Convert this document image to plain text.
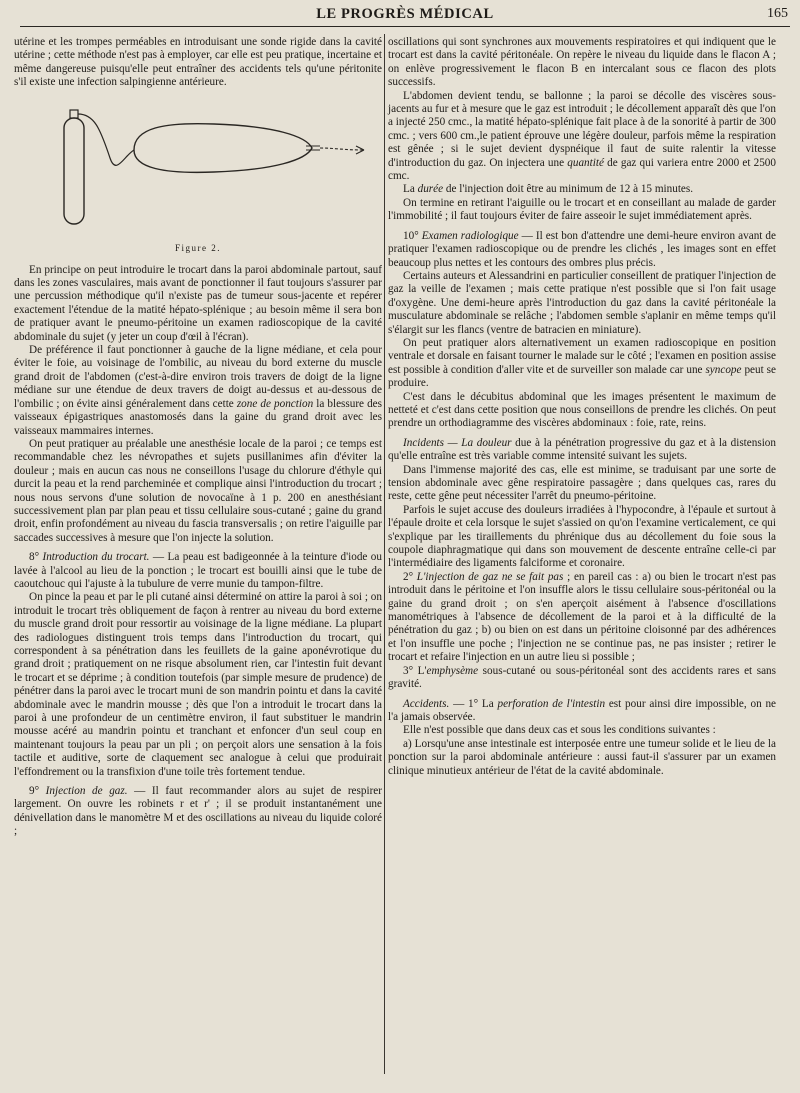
LE PROGRÈS MÉDICAL	165

utérine et les trompes perméables en introduisant une sonde rigide dans la cavité utérine ; cette méthode n'est pas à employer, car elle est peu pratique, incertaine et même dangereuse puisqu'elle peut entraîner des accidents tels qu'une péritonite s'il existe une infection salpingienne antérieure.

Figure 2.

En principe on peut introduire le trocart dans la paroi abdominale partout, sauf dans les zones vasculaires, mais avant de ponctionner il faut toujours s'assurer par une percussion méthodique qu'il n'existe pas de tumeur sous-jacente et repérer exactement l'étendue de la matité hépato-splénique ; au besoin même il sera bon de pratiquer avant le pneumo-péritoine un examen radioscopique de la cavité abdominale du sujet (y jeter un coup d'œil à l'écran).

De préférence il faut ponctionner à gauche de la ligne médiane, et cela pour éviter le foie, au voisinage de l'ombilic, au niveau du bord externe du muscle grand droit de l'abdomen (c'est-à-dire environ trois travers de doigt de la ligne médiane sur une étendue de deux travers de doigt au-dessus et au-dessous de l'ombilic ; on évite ainsi généralement dans cette zone de ponction la blessure des vaisseaux épigastriques anastomosés dans la gaine du grand droit avec les vaisseaux mammaires internes.

On peut pratiquer au préalable une anesthésie locale de la paroi ; ce temps est recommandable chez les névropathes et sujets pusillanimes afin d'éviter la douleur ; mais en aucun cas nous ne conseillons l'usage du chlorure d'éthyle qui durcit la peau et la rend parcheminée et complique ainsi l'introduction du trocart ; nous nous servons d'une solution de novocaïne à 1 p. 200 en anesthésiant successivement plan par plan peau et tissu cellulaire sous-cutané ; gaine du grand droit, enfin profondément au niveau du fascia transversalis ; on retire l'aiguille par saccades successives à mesure que l'on injecte la solution.

8° Introduction du trocart. — La peau est badigeonnée à la teinture d'iode ou lavée à l'alcool au lieu de la ponction ; le trocart est bouilli ainsi que le tube de caoutchouc qui l'ajuste à la tubulure de verre munie du tampon-filtre.

On pince la peau et par le pli cutané ainsi déterminé on attire la paroi à soi ; on introduit le trocart très obliquement de façon à rentrer au niveau du bord externe du muscle grand droit pour ressortir au voisinage de la ligne médiane. La plupart des radiologues distinguent trois temps dans l'introduction du trocart, qui correspondent à sa pénétration dans les feuillets de la gaine aponévrotique du grand droit ; pratiquement on ne risque absolument rien, car l'intestin fuit devant le trocart et se déprime ; à condition toutefois (par simple mesure de prudence) de pénétrer dans la paroi avec le trocart muni de son mandrin pointu et dans la cavité abdominale avec le mandrin mousse ; dès que l'on a introduit le trocart dans la paroi à une profondeur de un centimètre environ, il faut substituer le mandrin mousse acéré au mandrin pointu et tranchant et enfoncer d'un seul coup en maintenant toujours la peau par un pli ; on perçoit alors une sensation à la fois tactile et auditive, sorte de claquement sec analogue à celui que produirait l'effondrement ou la transfixion d'une toile très fortement tendue.

9° Injection de gaz. — Il faut recommander alors au sujet de respirer largement. On ouvre les robinets r et r' ; il se produit instantanément une dénivellation dans le manomètre M et des oscillations au niveau du liquide coloré ;

oscillations qui sont synchrones aux mouvements respiratoires et qui indiquent que le trocart est dans la cavité péritonéale. On repère le niveau du liquide dans le flacon A ; on enlève progressivement le flacon B en intercalant sous ce flacon des plots successifs.

L'abdomen devient tendu, se ballonne ; la paroi se décolle des viscères sous-jacents au fur et à mesure que le gaz est introduit ; le décollement apparaît dès que l'on a injecté 250 cmc., la matité hépato-splénique fait place à de la sonorité à partir de 300 cmc. ; vers 600 cm.,le patient éprouve une légère douleur, parfois même la respiration est gênée ; si le sujet devient dyspnéique il faut de suite ralentir la vitesse d'introduction du gaz. On injectera une quantité de gaz qui variera entre 2000 et 2500 cmc.

La durée de l'injection doit être au minimum de 12 à 15 minutes.

On termine en retirant l'aiguille ou le trocart et en conseillant au malade de garder l'immobilité ; il faut toujours éviter de faire asseoir le sujet immédiatement après.

10° Examen radiologique — Il est bon d'attendre une demi-heure environ avant de pratiquer l'examen radioscopique ou de prendre les clichés , les images sont en effet beaucoup plus nettes et les contours des ombres plus précis.

Certains auteurs et Alessandrini en particulier conseillent de pratiquer l'injection de gaz la veille de l'examen ; mais cette pratique n'est possible que si l'on fait usage d'oxygène. Une demi-heure après l'introduction du gaz dans la cavité péritonéale la musculature abdominale se relâche ; l'abdomen semble s'aplanir en même temps qu'il s'élargit sur les flancs (ventre de batracien en miniature).

On peut pratiquer alors alternativement un examen radioscopique en position ventrale et dorsale en faisant tourner le malade sur le côté ; l'examen en position assise est possible à condition d'aller vite et de surveiller son malade car une syncope peut se produire.

C'est dans le décubitus abdominal que les images présentent le maximum de netteté et c'est dans cette position que nous conseillons de prendre les clichés. On peut prendre un orthodiagramme des viscères abdominaux : foie, rate, reins.

Incidents — La douleur due à la pénétration progressive du gaz et à la distension qu'elle entraîne est très variable comme intensité suivant les sujets.

Dans l'immense majorité des cas, elle est minime, se traduisant par une sorte de tension abdominale avec gêne respiratoire passagère ; dans quelques cas, rares du reste, cette gêne peut nécessiter l'arrêt du pneumo-péritoine.

Parfois le sujet accuse des douleurs irradiées à l'hypocondre, à l'épaule et surtout à l'épaule droite et cela lorsque le sujet s'assied on qu'on l'examine verticalement, ce qui s'explique par les tiraillements du phrénique dus au décollement du foie sous la coupole diaphragmatique qui dans son mouvement de descente entraîne celle-ci par l'intermédiaire des ligaments falciforme et coronaire.

2° L'injection de gaz ne se fait pas ; en pareil cas : a) ou bien le trocart n'est pas introduit dans le péritoine et l'on insuffle alors le tissu cellulaire sous-péritonéal ou la gaine du grand droit ; on s'en aperçoit aisément à l'absence d'oscillations manométriques à l'absence de décollement de la paroi et à la difficulté de la pénétration du gaz ; b) ou bien on est dans un péritoine cloisonné par des adhérences et l'on insuffle une poche ; l'injection ne se continue pas, ne pas insister ; retirer le trocart et refaire l'injection en un autre lieu si possible ;

3° L'emphysème sous-cutané ou sous-péritonéal sont des accidents rares et sans gravité.

Accidents. — 1° La perforation de l'intestin est pour ainsi dire impossible, on ne l'a jamais observée.

Elle n'est possible que dans deux cas et sous les conditions suivantes :

a) Lorsqu'une anse intestinale est interposée entre une tumeur solide et le lieu de la ponction sur la paroi abdominale antérieure : aussi faut-il s'assurer par un examen clinique minutieux antérieur de l'état de la cavité abdominale.
